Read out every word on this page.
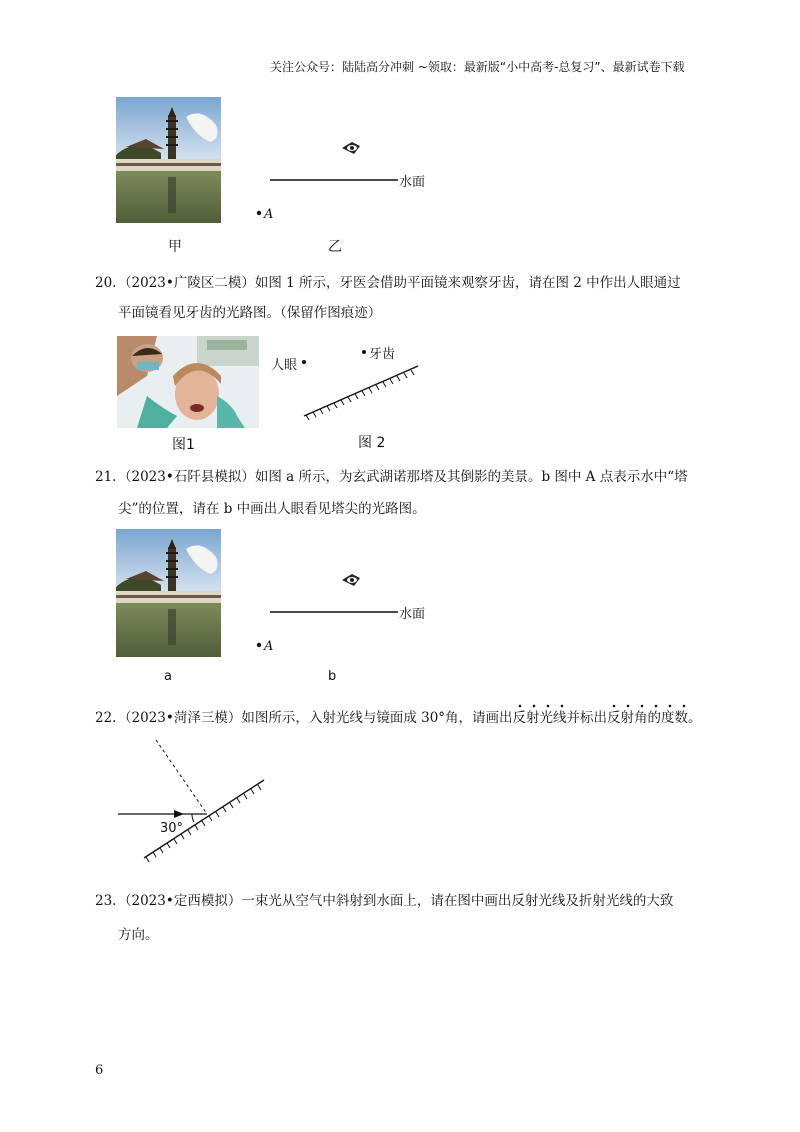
关注公众号：陆陆高分冲刺 ~领取：最新版“小中高考-总复习”、最新试卷下载
甲
水面
A
乙
20. （2023•广陵区二模）如图 1 所示，牙医会借助平面镜来观察牙齿，请在图 2 中作出人眼通过
平面镜看见牙齿的光路图。（保留作图痕迹）
图1
人眼
牙齿
图 2
21. （2023•石阡县模拟）如图 a 所示，为玄武湖诺那塔及其倒影的美景。b 图中 A 点表示水中“塔
尖”的位置，请在 b 中画出人眼看见塔尖的光路图。
a
水面
A
b
22. （2023•菏泽三模）如图所示，入射光线与镜面成 30°角，请画出
反射光线并标出
反射角的度数。
30°
23. （2023•定西模拟）一束光从空气中斜射到水面上，请在图中画出反射光线及折射光线的大致
方向。
6
